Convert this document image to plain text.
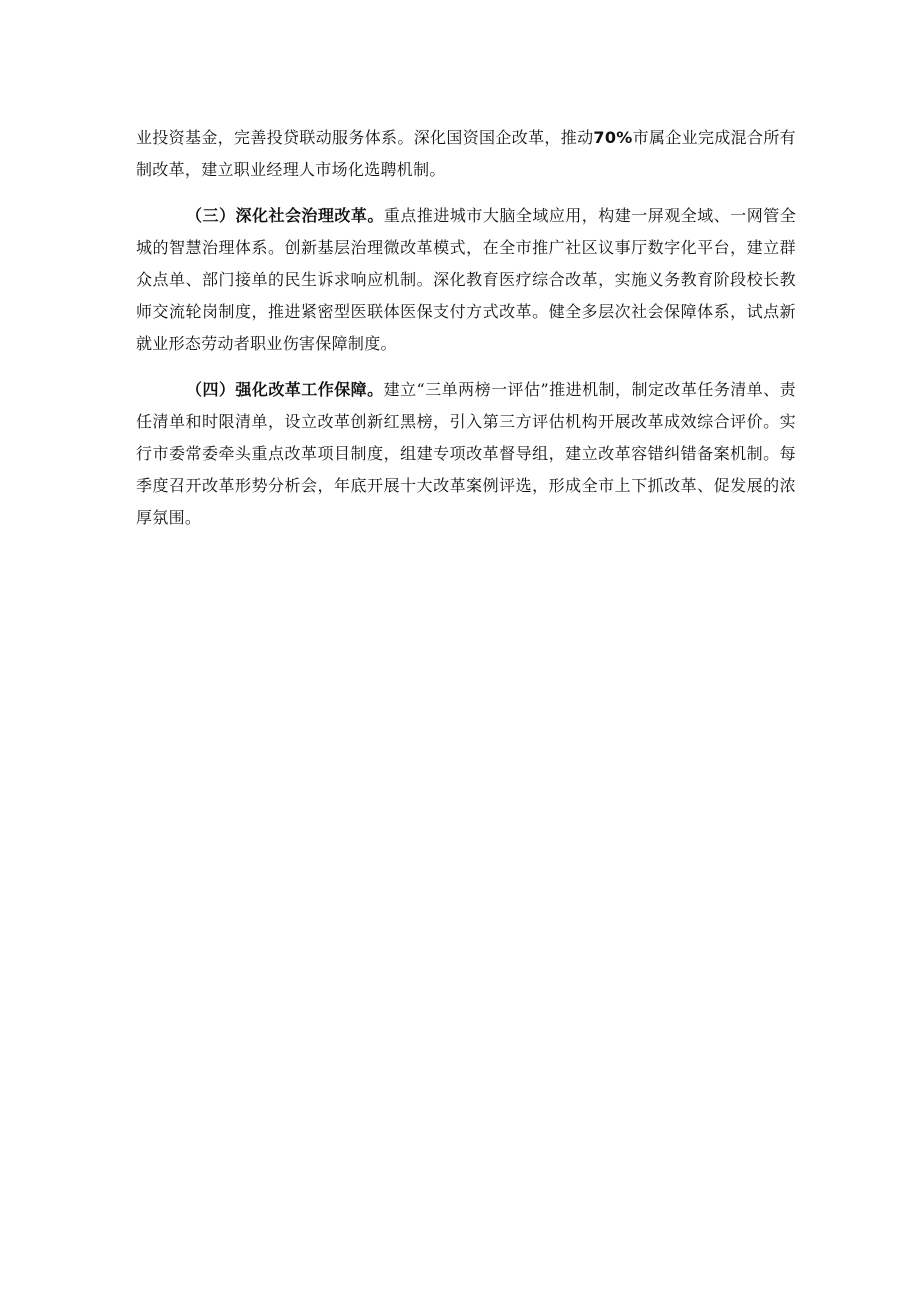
业投资基金，完善投贷联动服务体系。深化国资国企改革，推动70%市属企业完成混合所有制改革，建立职业经理人市场化选聘机制。

（三）深化社会治理改革。重点推进城市大脑全域应用，构建一屏观全域、一网管全城的智慧治理体系。创新基层治理微改革模式，在全市推广社区议事厅数字化平台，建立群众点单、部门接单的民生诉求响应机制。深化教育医疗综合改革，实施义务教育阶段校长教师交流轮岗制度，推进紧密型医联体医保支付方式改革。健全多层次社会保障体系，试点新就业形态劳动者职业伤害保障制度。

（四）强化改革工作保障。建立“三单两榜一评估”推进机制，制定改革任务清单、责任清单和时限清单，设立改革创新红黑榜，引入第三方评估机构开展改革成效综合评价。实行市委常委牵头重点改革项目制度，组建专项改革督导组，建立改革容错纠错备案机制。每季度召开改革形势分析会，年底开展十大改革案例评选，形成全市上下抓改革、促发展的浓厚氛围。
